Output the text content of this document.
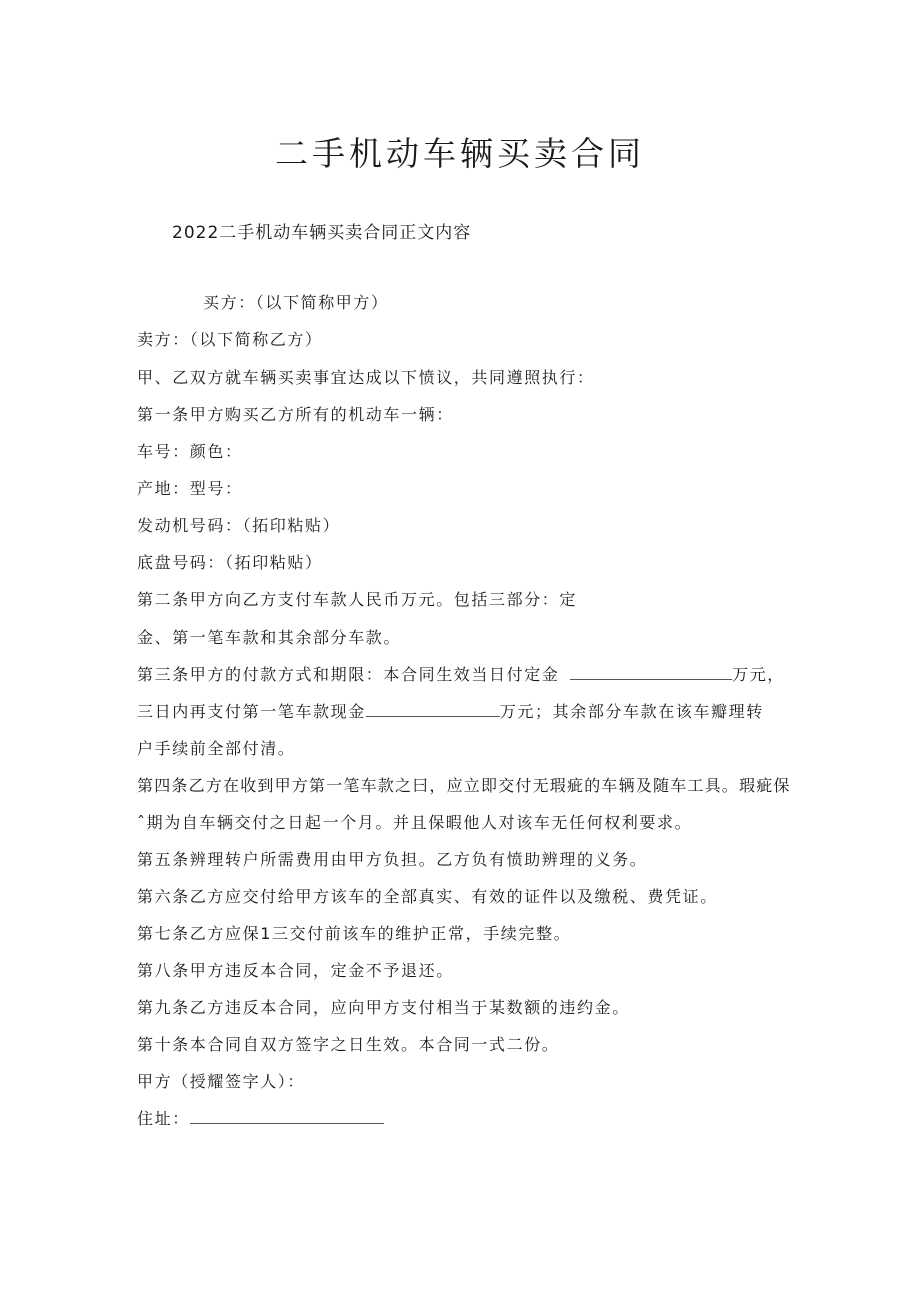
二手机动车辆买卖合同
2022二手机动车辆买卖合同正文内容
买方：（以下简称甲方）
卖方：（以下简称乙方）
甲、乙双方就车辆买卖事宜达成以下愤议，共同遵照执行：
第一条甲方购买乙方所有的机动车一辆：
车号：颜色：
产地：型号：
发动机号码：（拓印粘贴）
底盘号码：（拓印粘贴）
第二条甲方向乙方支付车款人民币万元。包括三部分：定
金、第一笔车款和其余部分车款。
第三条甲方的付款方式和期限：本合同生效当日付定金	万元，
三日内再支付第一笔车款现金	万元；其余部分车款在该车瓣理转
户手续前全部付清。
第四条乙方在收到甲方第一笔车款之曰，应立即交付无瑕疵的车辆及随车工具。瑕疵保
ˆ期为自车辆交付之日起一个月。并且保暇他人对该车无任何权利要求。
第五条辨理转户所需费用由甲方负担。乙方负有愤助辨理的义务。
第六条乙方应交付给甲方该车的全部真实、有效的证件以及缴税、费凭证。
第七条乙方应保1三交付前该车的维护正常，手续完整。
第八条甲方违反本合同，定金不予退还。
第九条乙方违反本合同，应向甲方支付相当于某数额的违约金。
第十条本合同自双方签字之日生效。本合同一式二份。
甲方（授耀签字人）：
住址：
